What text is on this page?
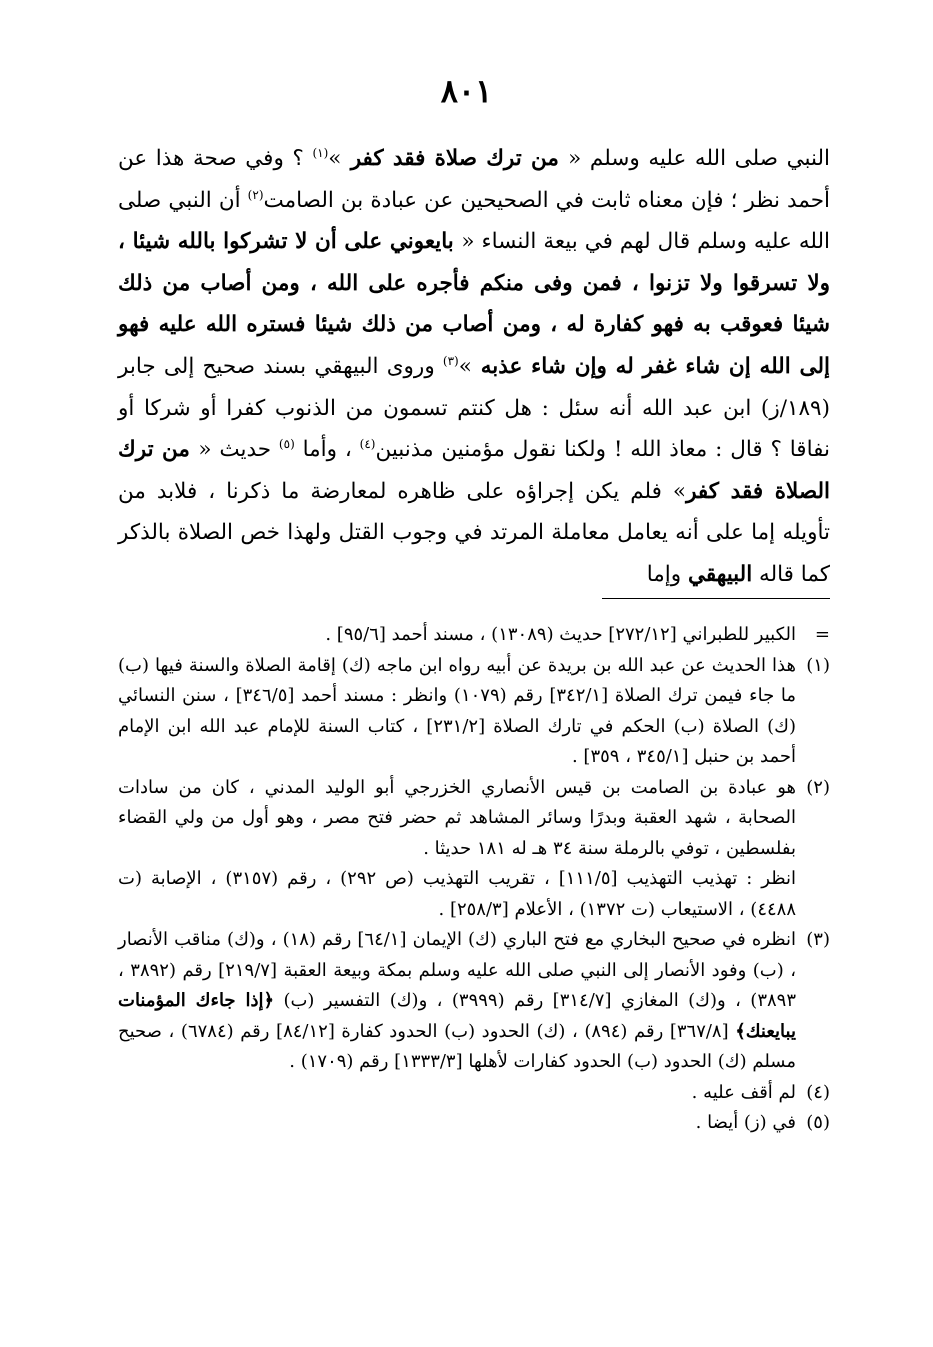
٨٠١

النبي صلى الله عليه وسلم « من ترك صلاة فقد كفر »$^{(١)}$ ؟ وفي صحة هذا عن أحمد نظر ؛ فإن معناه ثابت في الصحيحين عن عبادة بن الصامت$^{(٢)}$ أن النبي صلى الله عليه وسلم قال لهم في بيعة النساء « بايعوني على أن لا تشركوا بالله شيئا ، ولا تسرقوا ولا تزنوا ، فمن وفى منكم فأجره على الله ، ومن أصاب من ذلك شيئا فعوقب به فهو كفارة له ، ومن أصاب من ذلك شيئا فستره الله عليه فهو إلى الله إن شاء غفر له وإن شاء عذبه »$^{(٣)}$ وروى البيهقي بسند صحيح إلى جابر (١٨٩/ز) ابن عبد الله أنه سئل : هل كنتم تسمون من الذنوب كفرا أو شركا أو نفاقا ؟ قال : معاذ الله ! ولكنا نقول مؤمنين مذنبين$^{(٤)}$ ، وأما $^{(٥)}$ حديث « من ترك الصلاة فقد كفر» فلم يكن إجراؤه على ظاهره لمعارضة ما ذكرنا ، فلابد من تأويله إما على أنه يعامل معاملة المرتد في وجوب القتل ولهذا خص الصلاة بالذكر كما قاله البيهقي وإما

=
الكبير للطبراني [٢٧٢/١٢] حديث (١٣٠٨٩) ، مسند أحمد [٩٥/٦] .
(١)
هذا الحديث عن عبد الله بن بريدة عن أبيه رواه ابن ماجه (ك) إقامة الصلاة والسنة فيها (ب) ما جاء فيمن ترك الصلاة [٣٤٢/١] رقم (١٠٧٩) وانظر : مسند أحمد [٣٤٦/٥] ، سنن النسائي (ك) الصلاة (ب) الحكم في تارك الصلاة [٢٣١/٢] ، كتاب السنة للإمام عبد الله ابن الإمام أحمد بن حنبل [٣٤٥/١ ، ٣٥٩] .
(٢)
هو عبادة بن الصامت بن قيس الأنصاري الخزرجي أبو الوليد المدني ، كان من سادات الصحابة ، شهد العقبة وبدرًا وسائر المشاهد ثم حضر فتح مصر ، وهو أول من ولي القضاء بفلسطين ، توفي بالرملة سنة ٣٤ هـ له ١٨١ حديثا .
انظر : تهذيب التهذيب [١١١/٥] ، تقريب التهذيب (ص ٢٩٢) ، رقم (٣١٥٧) ، الإصابة (ت ٤٤٨٨) ، الاستيعاب (ت ١٣٧٢) ، الأعلام [٢٥٨/٣] .
(٣)
انظره في صحيح البخاري مع فتح الباري (ك) الإيمان [٦٤/١] رقم (١٨) ، و(ك) مناقب الأنصار ، (ب) وفود الأنصار إلى النبي صلى الله عليه وسلم بمكة وبيعة العقبة [٢١٩/٧] رقم (٣٨٩٢ ، ٣٨٩٣) ، و(ك) المغازي [٣١٤/٧] رقم (٣٩٩٩) ، و(ك) التفسير (ب) ﴿إذا جاءك المؤمنات يبايعنك﴾ [٣٦٧/٨] رقم (٨٩٤) ، (ك) الحدود (ب) الحدود كفارة [٨٤/١٢] رقم (٦٧٨٤) ، صحيح مسلم (ك) الحدود (ب) الحدود كفارات لأهلها [١٣٣٣/٣] رقم (١٧٠٩) .
(٤)
لم أقف عليه .
(٥)
في (ز) أيضا .
